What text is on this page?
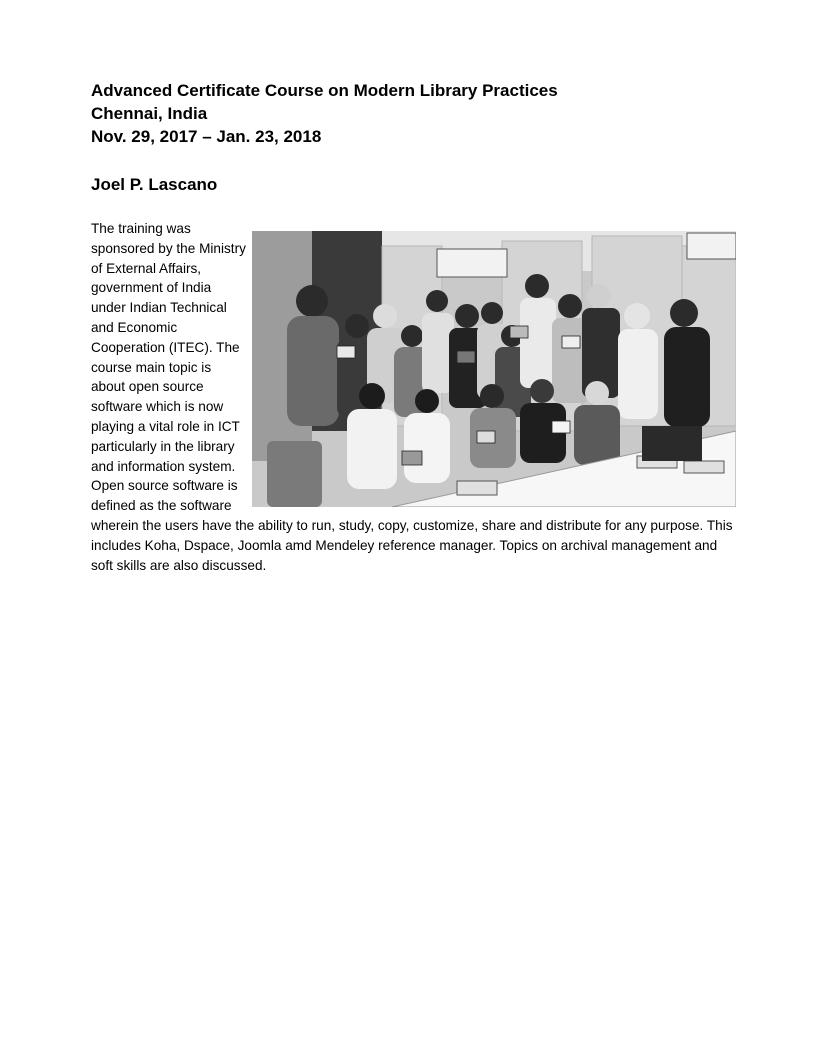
Advanced Certificate Course on Modern Library Practices
Chennai, India
Nov. 29, 2017 – Jan. 23, 2018
Joel P. Lascano
The training was sponsored by the Ministry of External Affairs, government of India under Indian Technical and Economic Cooperation (ITEC). The course main topic is about open source software which is now playing a vital role in ICT particularly in the library and information system. Open source software is defined as the software wherein the users have the ability to run, study, copy, customize, share and distribute for any purpose. This includes Koha, Dspace, Joomla amd Mendeley reference manager. Topics on archival management and soft skills are also discussed.
